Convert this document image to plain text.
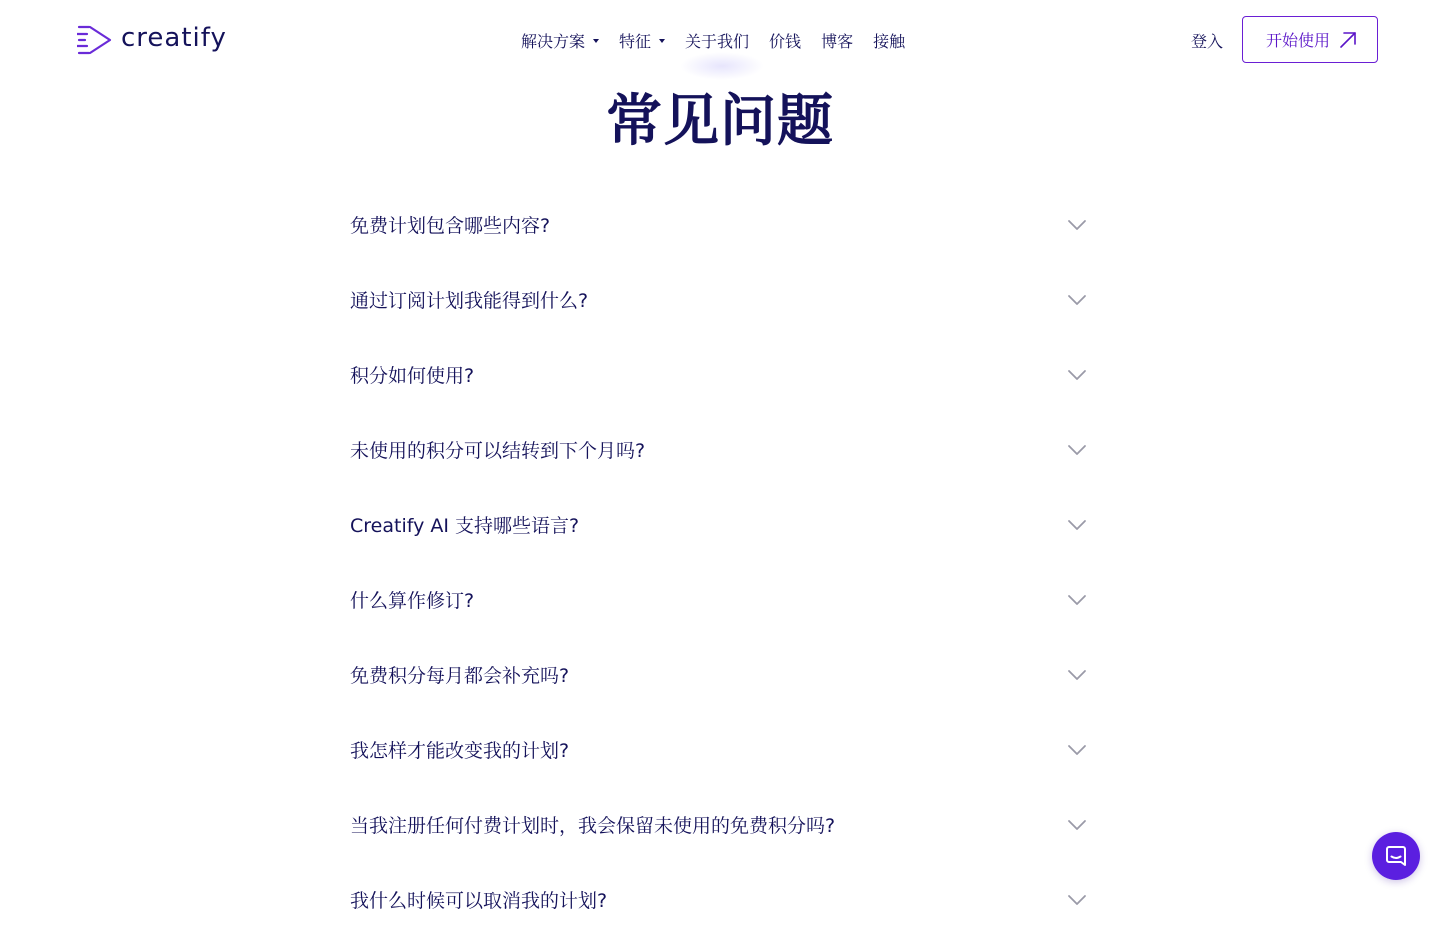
creatify	解决方案 特征 关于我们 价钱 博客 接触	登入	开始使用
常见问题
免费计划包含哪些内容?
通过订阅计划我能得到什么?
积分如何使用?
未使用的积分可以结转到下个月吗?
Creatify AI 支持哪些语言?
什么算作修订?
免费积分每月都会补充吗?
我怎样才能改变我的计划?
当我注册任何付费计划时，我会保留未使用的免费积分吗?
我什么时候可以取消我的计划?
